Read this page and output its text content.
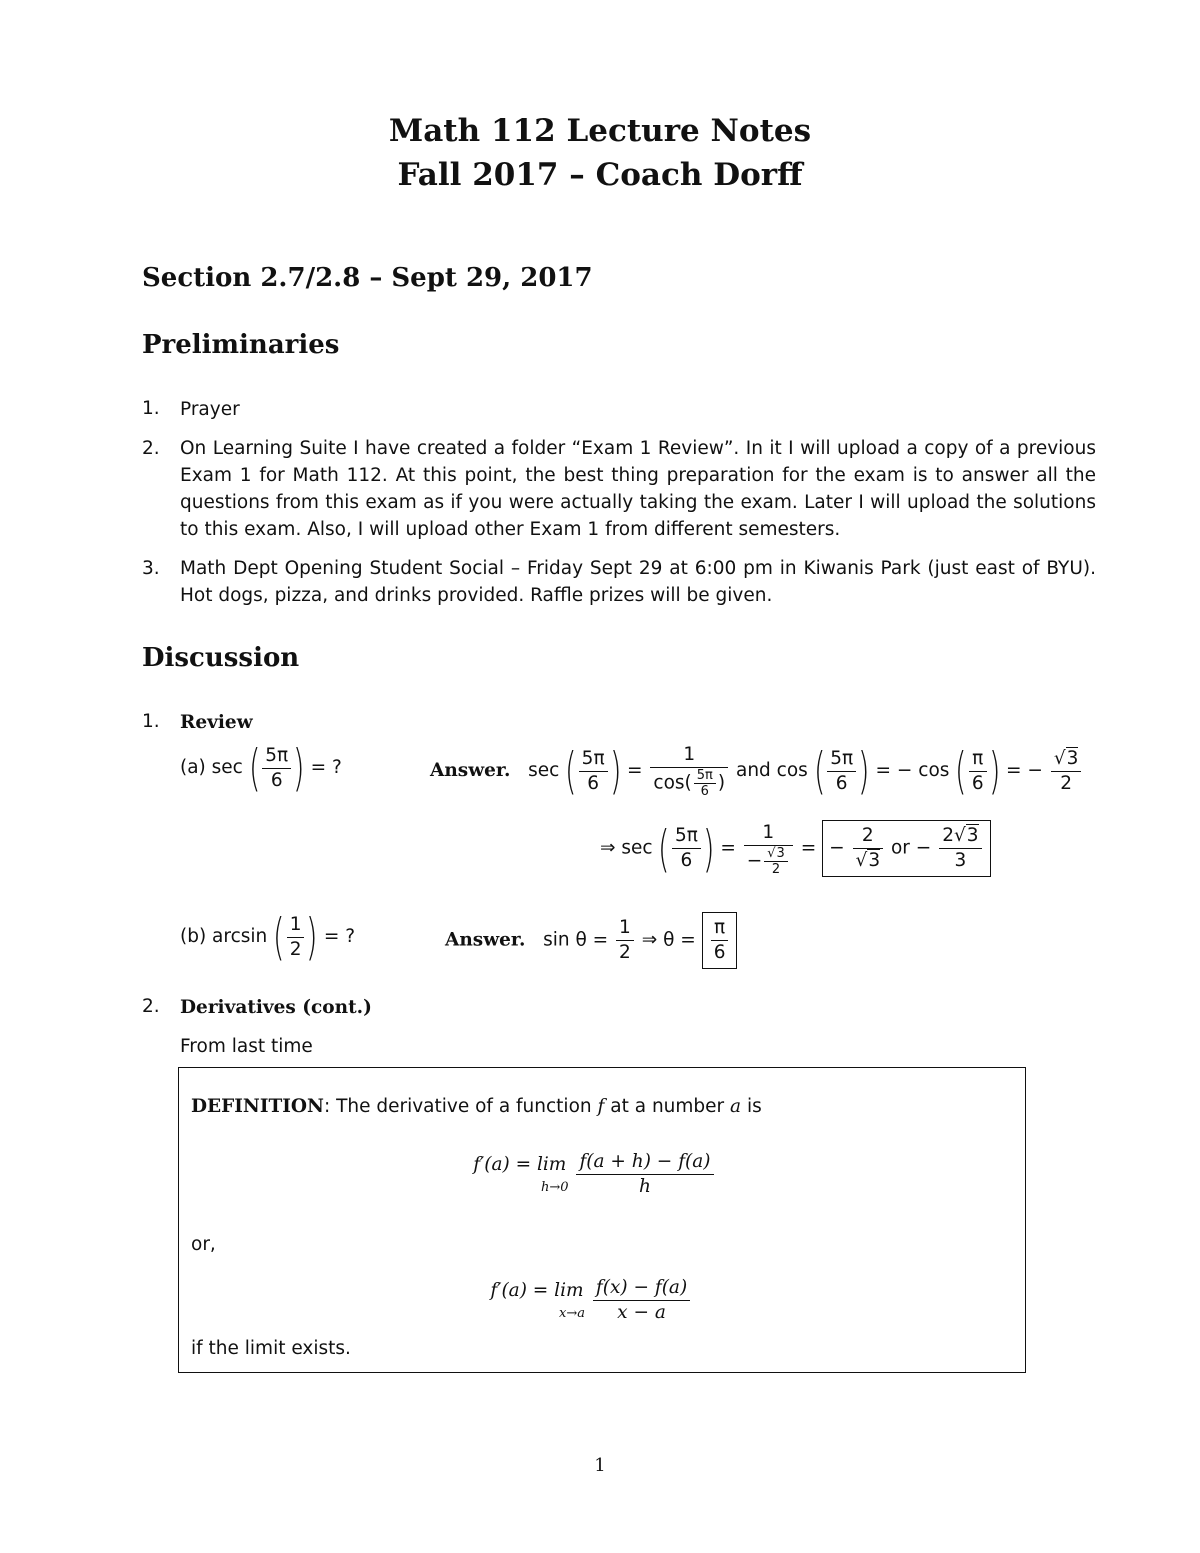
Math 112 Lecture Notes
Fall 2017 – Coach Dorff
Section 2.7/2.8 – Sept 29, 2017
Preliminaries
1. Prayer
2. On Learning Suite I have created a folder “Exam 1 Review”. In it I will upload a copy of a previous Exam 1 for Math 112. At this point, the best thing preparation for the exam is to answer all the questions from this exam as if you were actually taking the exam. Later I will upload the solutions to this exam. Also, I will upload other Exam 1 from different semesters.
3. Math Dept Opening Student Social – Friday Sept 29 at 6:00 pm in Kiwanis Park (just east of BYU). Hot dogs, pizza, and drinks provided. Raffle prizes will be given.
Discussion
1. Review
(a) sec ( $\frac{5\pi}{6}$ ) = ?	Answer. sec ( $\frac{5\pi}{6}$ ) = $\frac{1}{\cos( \frac{5\pi}{6} )}$ and cos ( $\frac{5\pi}{6}$ ) = − cos ( $\frac{\pi}{6}$ ) = − $\frac{√3}{2}$
⇒ sec ( $\frac{5\pi}{6}$ ) = $\frac{1}{- \frac{√3}{2}}$ = − $\frac{2}{√3}$ or − $\frac{2√3}{3}$
(b) arcsin ( $\frac{1}{2}$ ) = ?	Answer. $\sin \theta = \frac{1}{2}$ ⇒ $\theta = \frac{\pi}{6}$
2. Derivatives (cont.)
From last time
DEFINITION: The derivative of a function f at a number a is
f′(a) = lim
$h\to 0 \frac{f(a + h) - f(a)}{h}$
or,
f′(a) = lim
$x\to a \frac{f(x) - f(a)}{x - a}$
if the limit exists.
1
